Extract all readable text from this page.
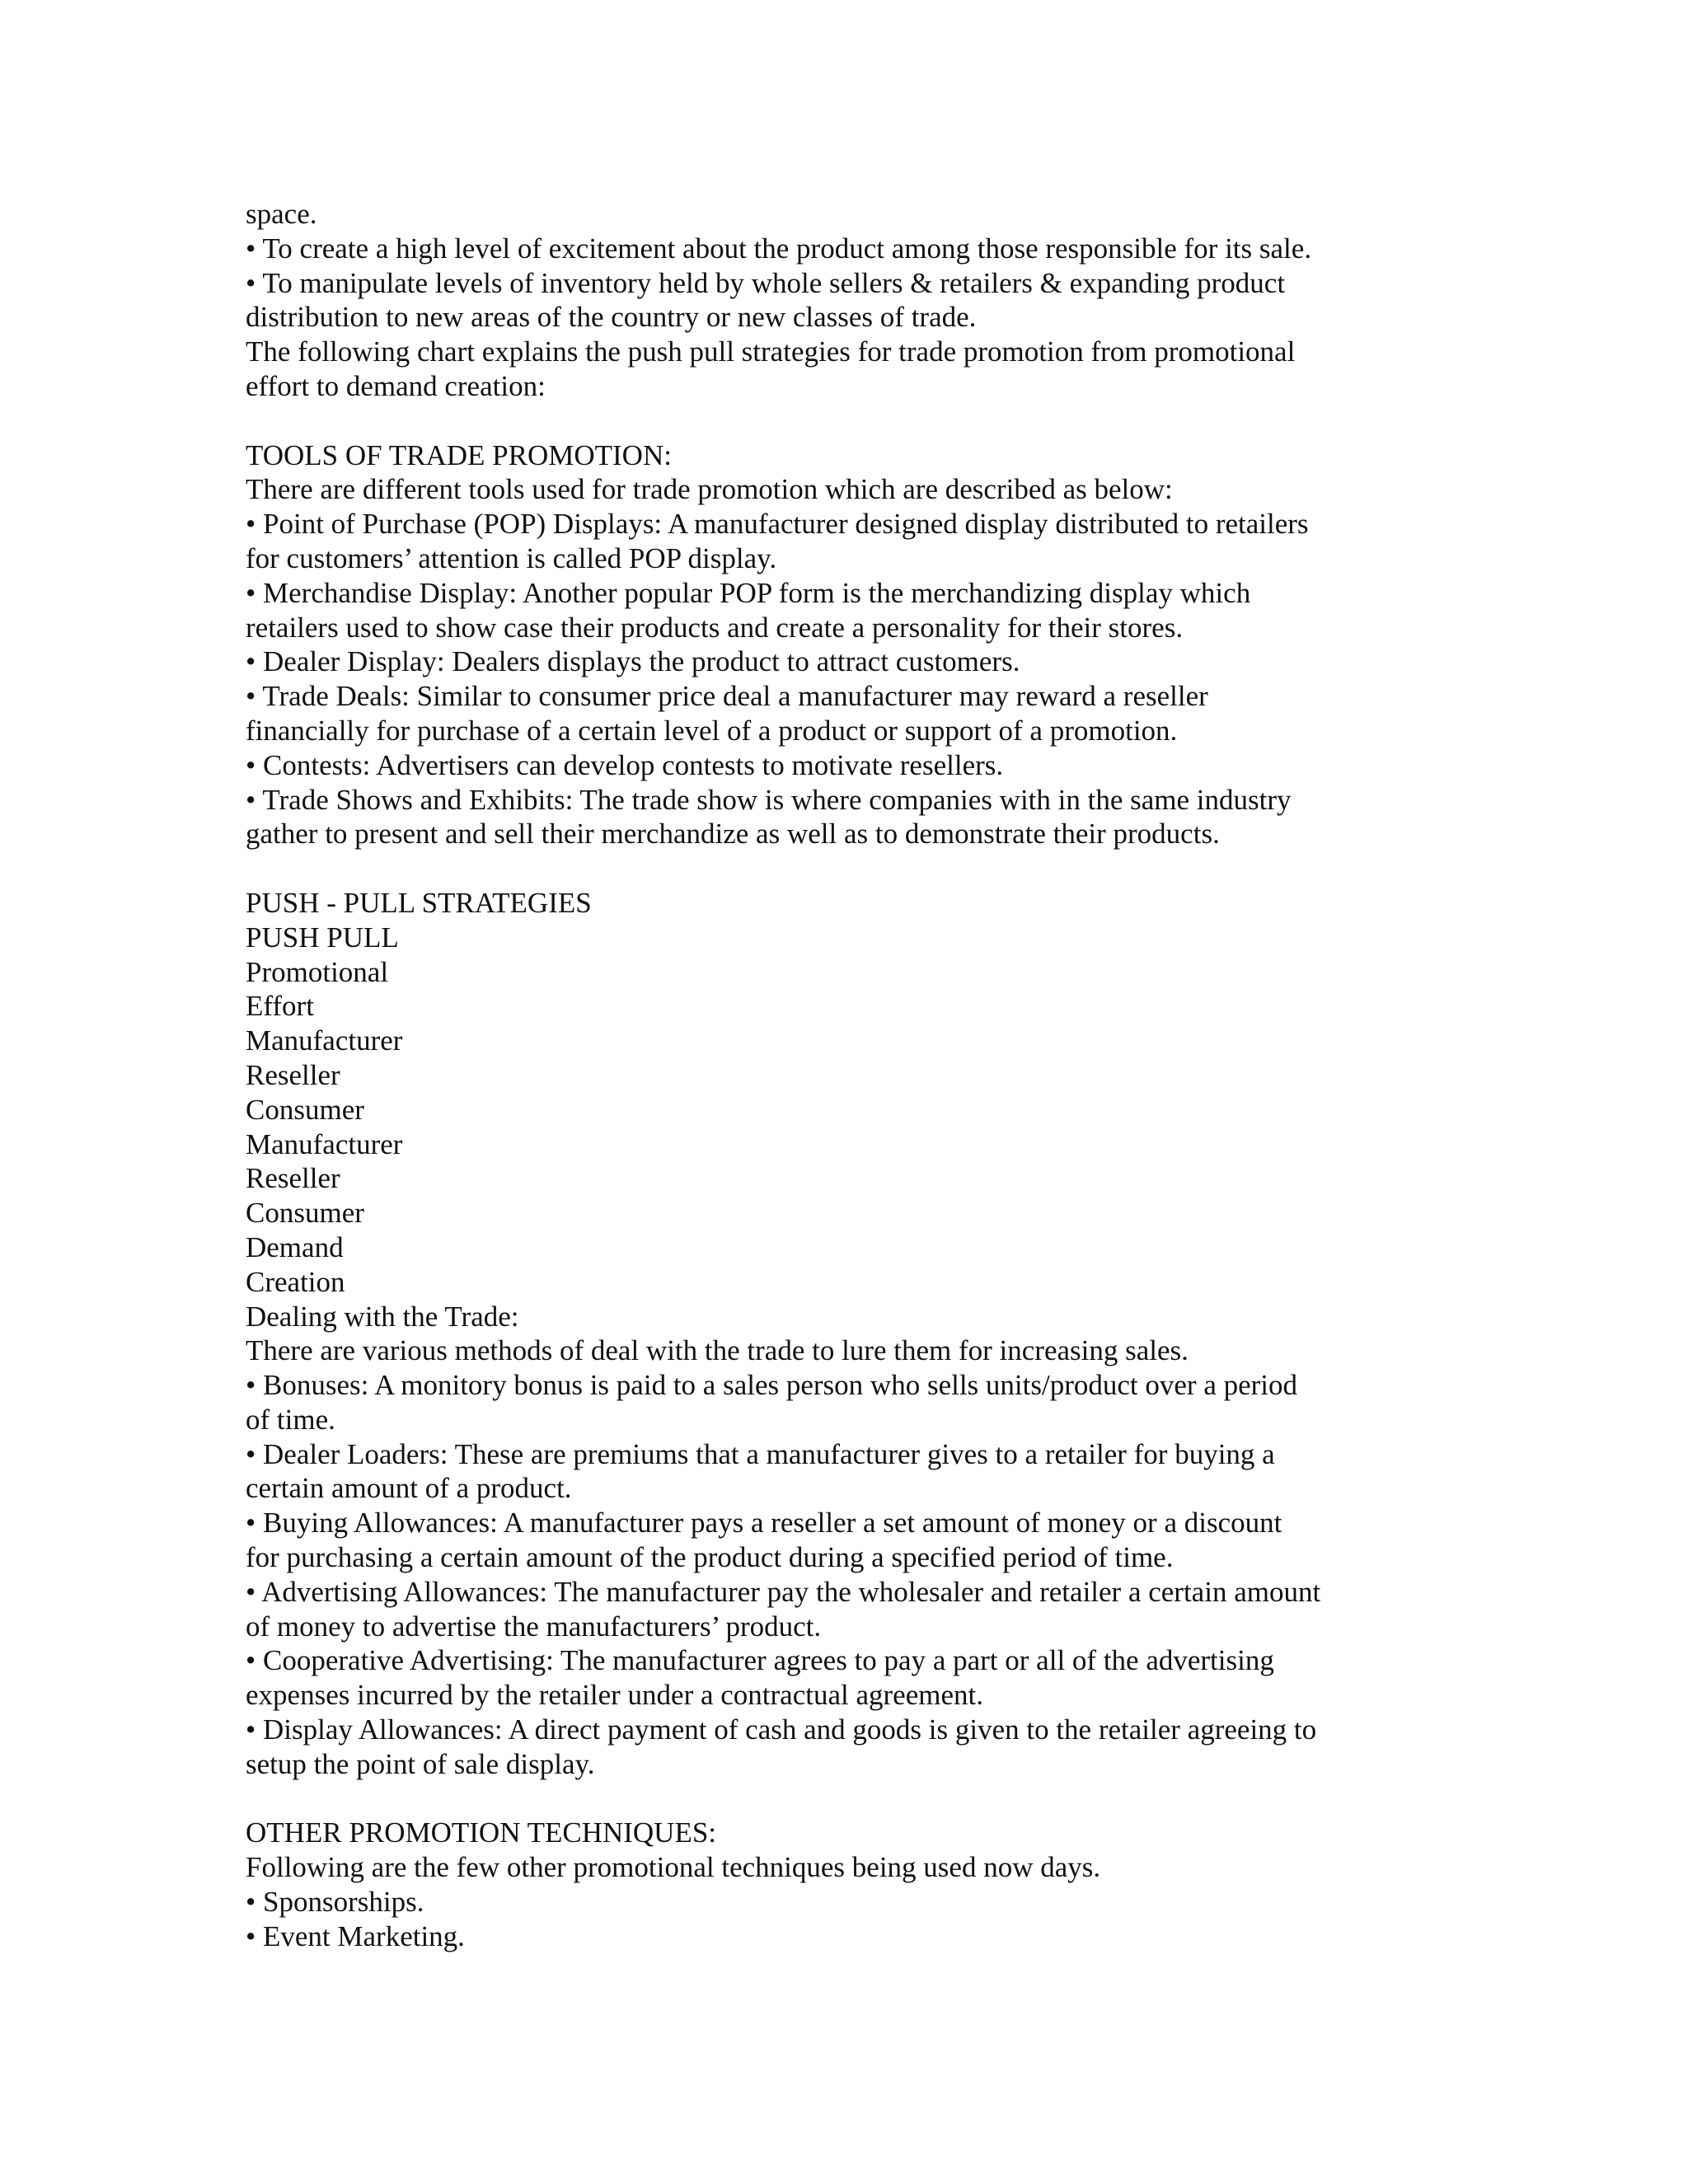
space.
• To create a high level of excitement about the product among those responsible for its sale.
• To manipulate levels of inventory held by whole sellers & retailers & expanding product
distribution to new areas of the country or new classes of trade.
The following chart explains the push pull strategies for trade promotion from promotional
effort to demand creation:
TOOLS OF TRADE PROMOTION:
There are different tools used for trade promotion which are described as below:
• Point of Purchase (POP) Displays: A manufacturer designed display distributed to retailers
for customers’ attention is called POP display.
• Merchandise Display: Another popular POP form is the merchandizing display which
retailers used to show case their products and create a personality for their stores.
• Dealer Display: Dealers displays the product to attract customers.
• Trade Deals: Similar to consumer price deal a manufacturer may reward a reseller
financially for purchase of a certain level of a product or support of a promotion.
• Contests: Advertisers can develop contests to motivate resellers.
• Trade Shows and Exhibits: The trade show is where companies with in the same industry
gather to present and sell their merchandize as well as to demonstrate their products.
PUSH - PULL STRATEGIES
PUSH PULL
Promotional
Effort
Manufacturer
Reseller
Consumer
Manufacturer
Reseller
Consumer
Demand
Creation
Dealing with the Trade:
There are various methods of deal with the trade to lure them for increasing sales.
• Bonuses: A monitory bonus is paid to a sales person who sells units/product over a period
of time.
• Dealer Loaders: These are premiums that a manufacturer gives to a retailer for buying a
certain amount of a product.
• Buying Allowances: A manufacturer pays a reseller a set amount of money or a discount
for purchasing a certain amount of the product during a specified period of time.
• Advertising Allowances: The manufacturer pay the wholesaler and retailer a certain amount
of money to advertise the manufacturers’ product.
• Cooperative Advertising: The manufacturer agrees to pay a part or all of the advertising
expenses incurred by the retailer under a contractual agreement.
• Display Allowances: A direct payment of cash and goods is given to the retailer agreeing to
setup the point of sale display.
OTHER PROMOTION TECHNIQUES:
Following are the few other promotional techniques being used now days.
• Sponsorships.
• Event Marketing.
